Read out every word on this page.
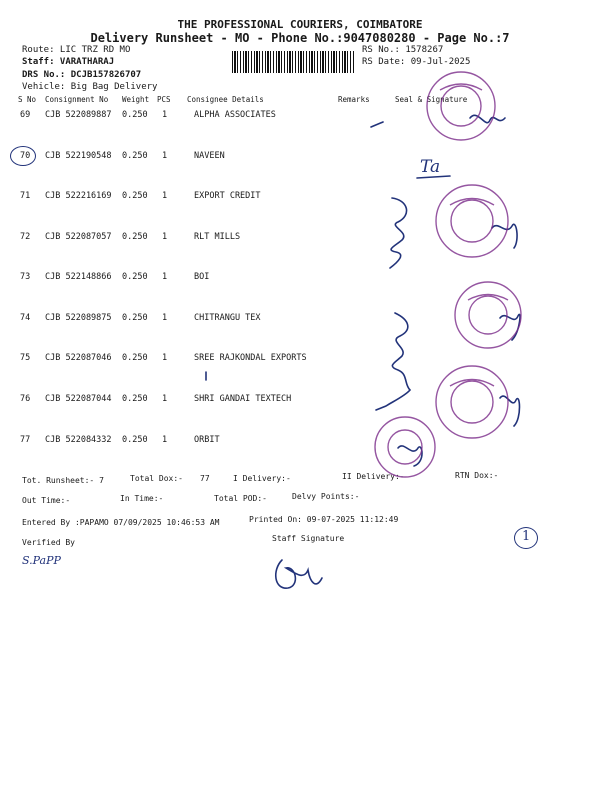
THE PROFESSIONAL COURIERS, COIMBATORE
Delivery Runsheet - MO - Phone No.:9047080280 - Page No.:7
Route: LIC TRZ RD MO
Staff: VARATHARAJ
DRS No.: DCJB157826707
Vehicle: Big Bag Delivery
RS No.: 1578267
RS Date: 09-Jul-2025
S No Consignment No Weight PCS Consignee Details	Remarks	Seal & Signature
69 CJB 522089887 0.250 1	ALPHA ASSOCIATES
70 CJB 522190548 0.250 1	NAVEEN
71 CJB 522216169 0.250 1	EXPORT CREDIT
72 CJB 522087057 0.250 1	RLT MILLS
73 CJB 522148866 0.250 1	BOI
74 CJB 522089875 0.250 1	CHITRANGU TEX
75 CJB 522087046 0.250 1	SREE RAJKONDAL EXPORTS
76 CJB 522087044 0.250 1	SHRI GANDAI TEXTECH
77 CJB 522084332 0.250 1	ORBIT
Tot. Runsheet:- 7	Total Dox:- 77	I Delivery:-	II Delivery:-	RTN Dox:-
Out Time:-	In Time:-	Total POD:-	Delvy Points:-
Entered By :PAPAMO 07/09/2025 10:46:53 AM	Printed On: 09-07-2025 11:12:49
Verified By	Staff Signature
S.PaPP
Ta
1
